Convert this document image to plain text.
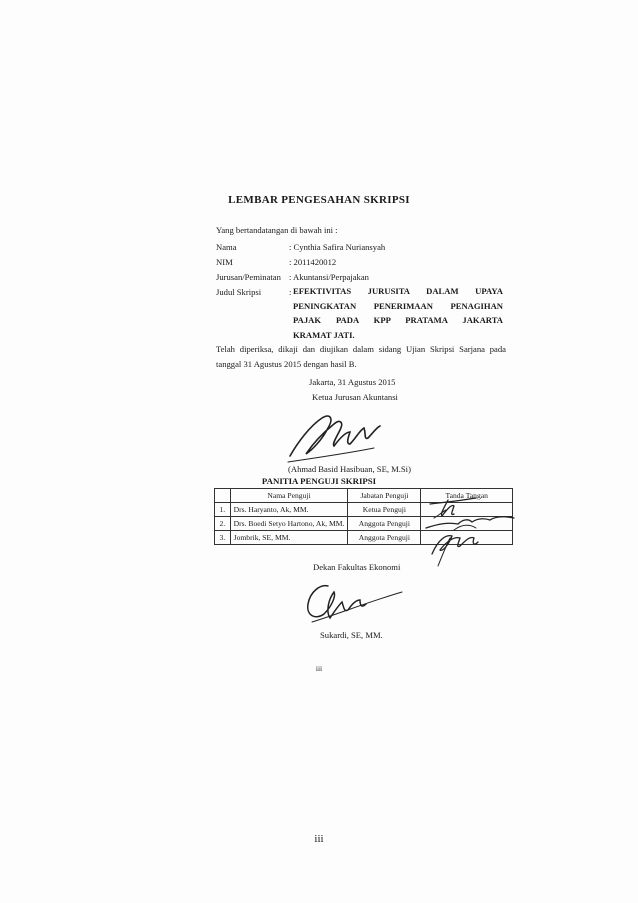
LEMBAR PENGESAHAN SKRIPSI
Yang bertandatangan di bawah ini :
Nama	: Cynthia Safira Nuriansyah
NIM	: 2011420012
Jurusan/Peminatan : Akuntansi/Perpajakan
Judul Skripsi	: EFEKTIVITAS JURUSITA DALAM UPAYA
PENINGKATAN PENERIMAAN PENAGIHAN
PAJAK PADA KPP PRATAMA JAKARTA
KRAMAT JATI.
Telah diperiksa, dikaji dan diujikan dalam sidang Ujian Skripsi Sarjana pada tanggal 31 Agustus 2015 dengan hasil B.
Jakarta, 31 Agustus 2015
Ketua Jurusan Akuntansi
(Ahmad Basid Hasibuan, SE, M.Si)
PANITIA PENGUJI SKRIPSI
	Nama Penguji	Jabatan Penguji	Tanda Tangan
1.	Drs. Haryanto, Ak, MM.	Ketua Penguji	
2.	Drs. Boedi Setyo Hartono, Ak, MM.	Anggota Penguji	
3.	Jombrik, SE, MM.	Anggota Penguji	
Dekan Fakultas Ekonomi
Sukardi, SE, MM.
iii
iii
